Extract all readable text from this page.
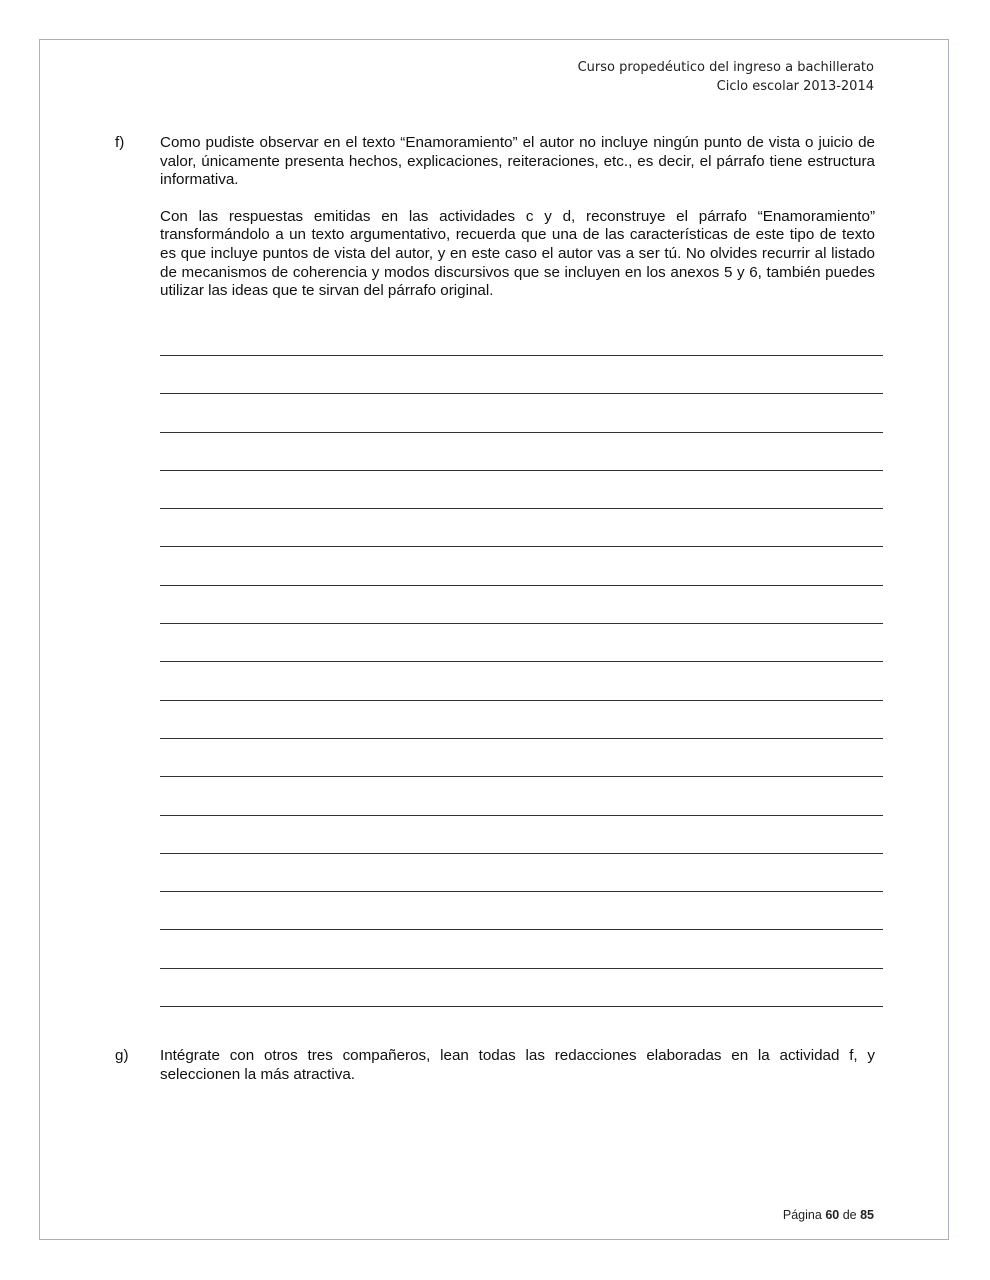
Curso propedéutico del ingreso a bachillerato
Ciclo escolar 2013-2014
f)	Como pudiste observar en el texto “Enamoramiento” el autor no incluye ningún punto de vista o juicio de valor, únicamente presenta hechos, explicaciones, reiteraciones, etc., es decir, el párrafo tiene estructura informativa.

Con las respuestas emitidas en las actividades c y d, reconstruye el párrafo “Enamoramiento” transformándolo a un texto argumentativo, recuerda que una de las características de este tipo de texto es que incluye puntos de vista del autor, y en este caso el autor vas a ser tú. No olvides recurrir al listado de mecanismos de coherencia y modos discursivos que se incluyen en los anexos 5 y 6, también puedes utilizar las ideas que te sirvan del párrafo original.

g)	Intégrate con otros tres compañeros, lean todas las redacciones elaboradas en la actividad f, y seleccionen la más atractiva.

Página 60 de 85
